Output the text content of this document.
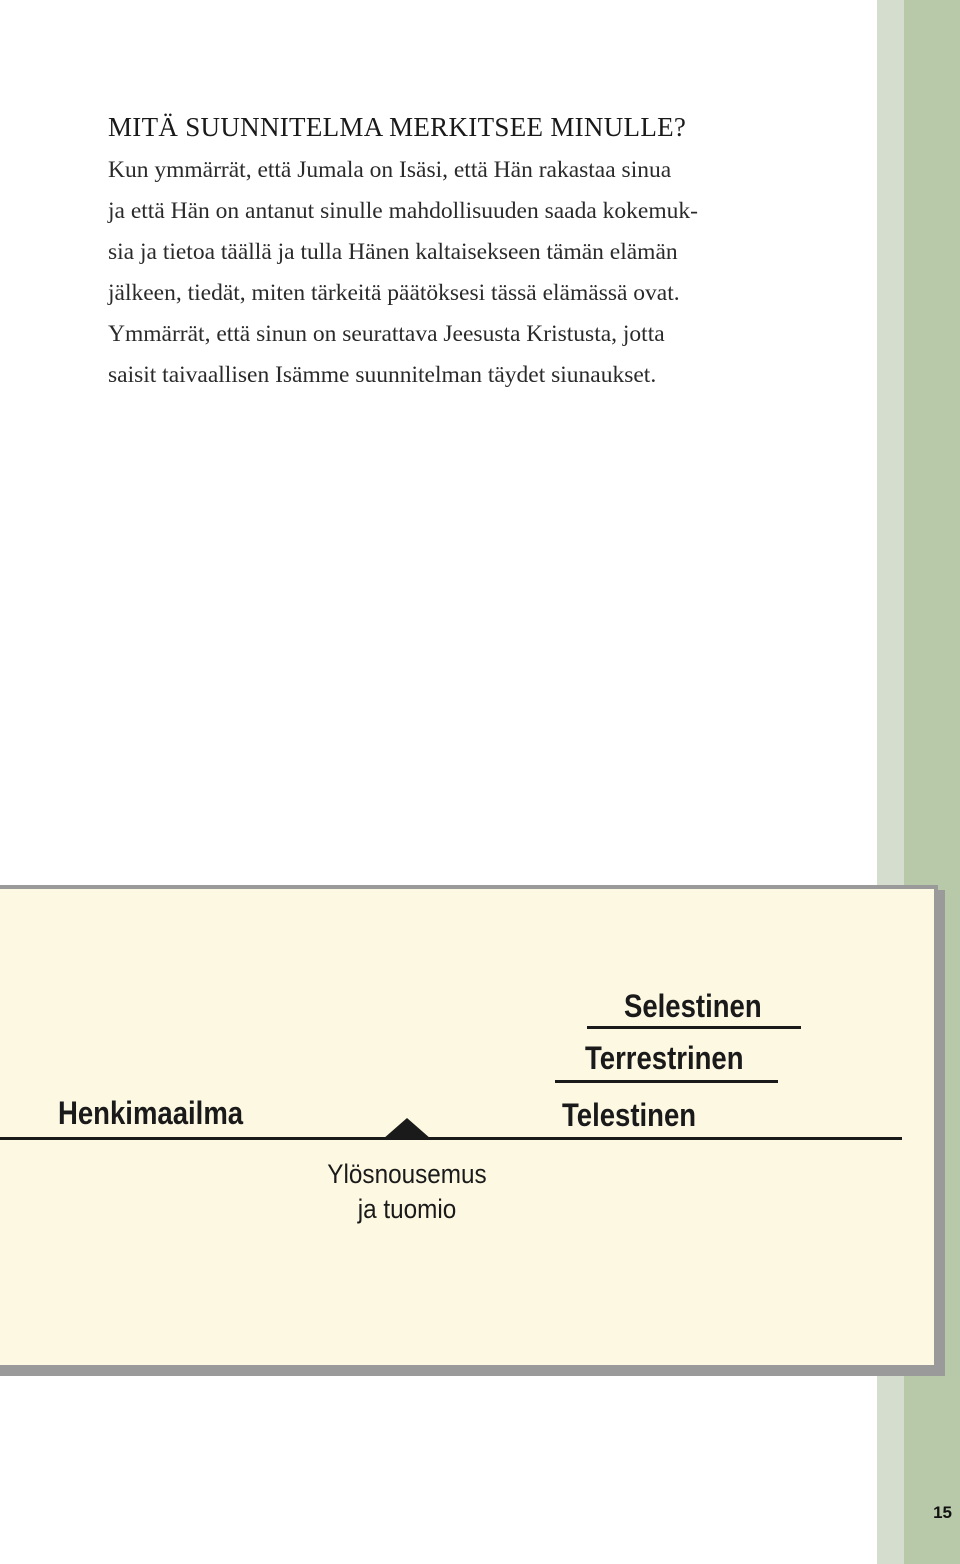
MITÄ SUUNNITELMA MERKITSEE MINULLE?
Kun ymmärrät, että Jumala on Isäsi, että Hän rakastaa sinua
ja että Hän on antanut sinulle mahdollisuuden saada kokemuk-
sia ja tietoa täällä ja tulla Hänen kaltaisekseen tämän elämän
jälkeen, tiedät, miten tärkeitä päätöksesi tässä elämässä ovat.
Ymmärrät, että sinun on seurattava Jeesusta Kristusta, jotta
saisit taivaallisen Isämme suunnitelman täydet siunaukset.
Henkimaailma
Ylösnousemus
ja tuomio
Telestinen
Terrestrinen
Selestinen
15
